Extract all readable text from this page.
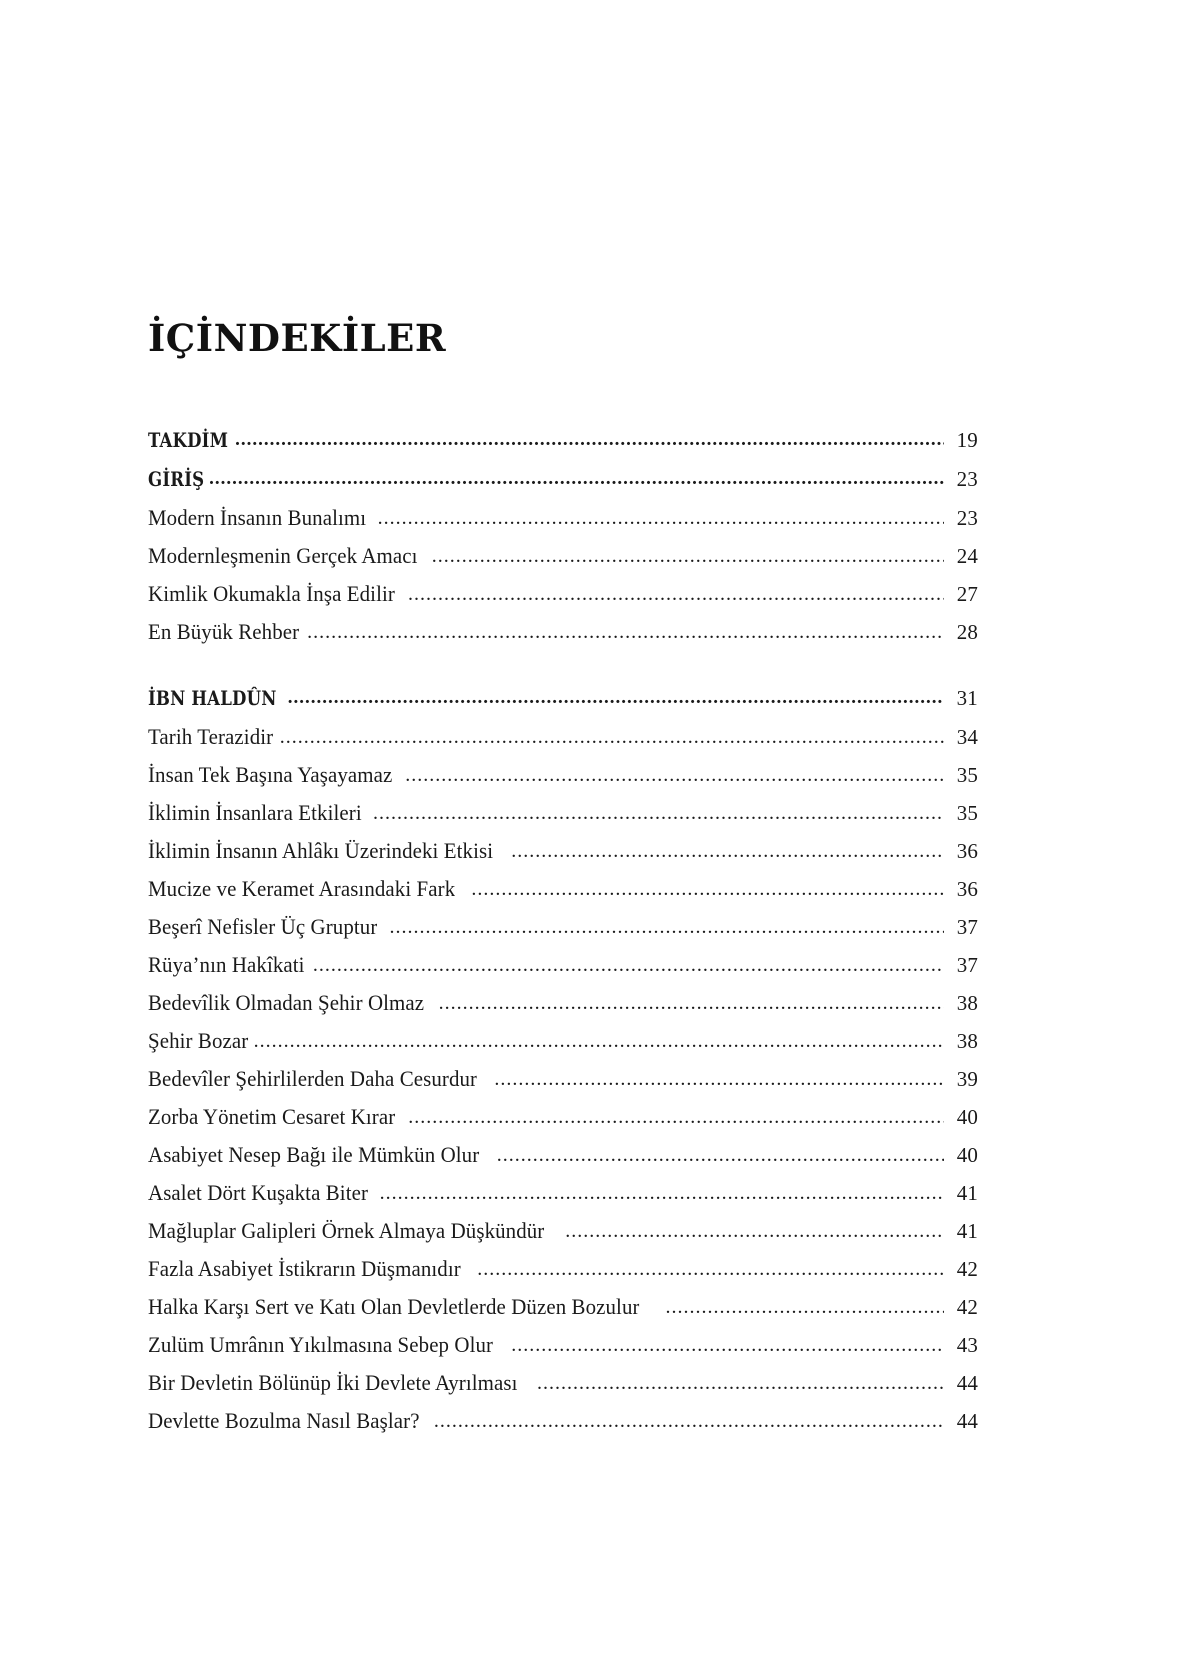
İÇİNDEKİLER
TAKDİM .....	19
GİRİŞ .....	23
Modern İnsanın Bunalımı .....	23
Modernleşmenin Gerçek Amacı .....	24
Kimlik Okumakla İnşa Edilir .....	27
En Büyük Rehber .....	28
İBN HALDÛN .....	31
Tarih Terazidir .....	34
İnsan Tek Başına Yaşayamaz .....	35
İklimin İnsanlara Etkileri .....	35
İklimin İnsanın Ahlâkı Üzerindeki Etkisi .....	36
Mucize ve Keramet Arasındaki Fark .....	36
Beşerî Nefisler Üç Gruptur .....	37
Rüya’nın Hakîkati .....	37
Bedevîlik Olmadan Şehir Olmaz .....	38
Şehir Bozar .....	38
Bedevîler Şehirlilerden Daha Cesurdur .....	39
Zorba Yönetim Cesaret Kırar .....	40
Asabiyet Nesep Bağı ile Mümkün Olur .....	40
Asalet Dört Kuşakta Biter .....	41
Mağluplar Galipleri Örnek Almaya Düşkündür .....	41
Fazla Asabiyet İstikrarın Düşmanıdır .....	42
Halka Karşı Sert ve Katı Olan Devletlerde Düzen Bozulur .....	42
Zulüm Umrânın Yıkılmasına Sebep Olur .....	43
Bir Devletin Bölünüp İki Devlete Ayrılması .....	44
Devlette Bozulma Nasıl Başlar? .....	44
